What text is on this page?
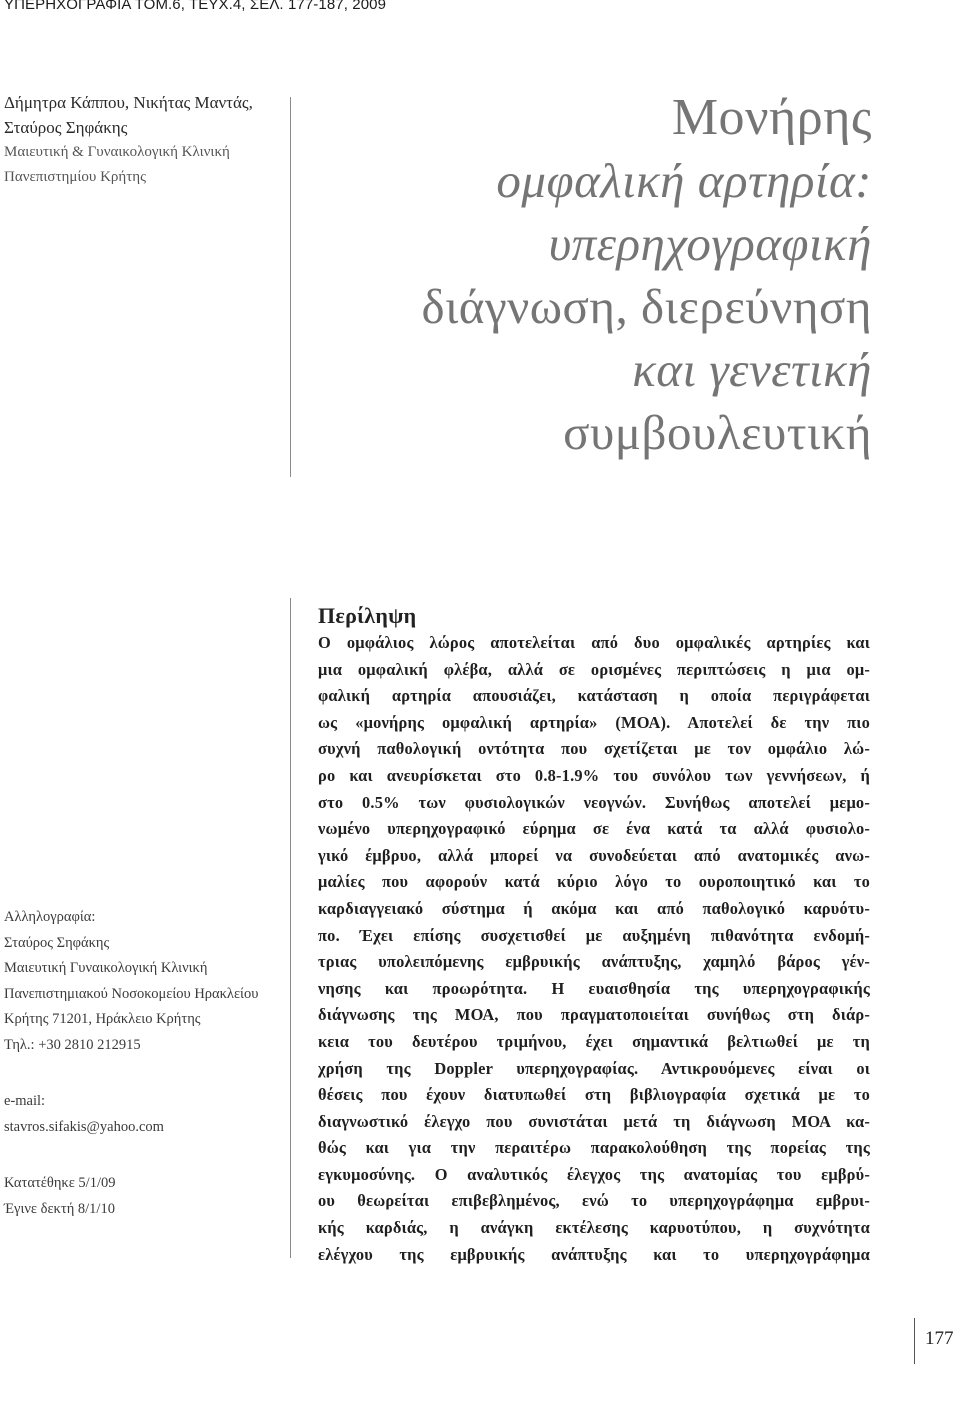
ΥΠΕΡΗΧΟΓΡΑΦΙΑ ΤΟΜ.6, ΤΕΥΧ.4, ΣΕΛ. 177-187, 2009
Δήμητρα Κάππου, Νικήτας Μαντάς,
Σταύρος Σηφάκης
Μαιευτική & Γυναικολογική Κλινική
Πανεπιστημίου Κρήτης
Μονήρης
ομφαλική αρτηρία:
υπερηχογραφική
διάγνωση, διερεύνηση
και γενετική
συμβουλευτική
Αλληλογραφία:
Σταύρος Σηφάκης
Μαιευτική Γυναικολογική Κλινική
Πανεπιστημιακού Νοσοκομείου Ηρακλείου
Κρήτης 71201, Ηράκλειο Κρήτης
Τηλ.: +30 2810 212915
e-mail:
stavros.sifakis@yahoo.com
Κατατέθηκε 5/1/09
Έγινε δεκτή 8/1/10
Περίληψη
Ο ομφάλιος λώρος αποτελείται από δυο ομφαλικές αρτηρίες και
μια ομφαλική φλέβα, αλλά σε ορισμένες περιπτώσεις η μια ομ-
φαλική αρτηρία απουσιάζει, κατάσταση η οποία περιγράφεται
ως «μονήρης ομφαλική αρτηρία» (ΜΟΑ). Αποτελεί δε την πιο
συχνή παθολογική οντότητα που σχετίζεται με τον ομφάλιο λώ-
ρο και ανευρίσκεται στο 0.8-1.9% του συνόλου των γεννήσεων, ή
στο 0.5% των φυσιολογικών νεογνών. Συνήθως αποτελεί μεμο-
νωμένο υπερηχογραφικό εύρημα σε ένα κατά τα αλλά φυσιολο-
γικό έμβρυο, αλλά μπορεί να συνοδεύεται από ανατομικές ανω-
μαλίες που αφορούν κατά κύριο λόγο το ουροποιητικό και το
καρδιαγγειακό σύστημα ή ακόμα και από παθολογικό καρυότυ-
πο. Έχει επίσης συσχετισθεί με αυξημένη πιθανότητα ενδομή-
τριας υπολειπόμενης εμβρυικής ανάπτυξης, χαμηλό βάρος γέν-
νησης και προωρότητα. Η ευαισθησία της υπερηχογραφικής
διάγνωσης της ΜΟΑ, που πραγματοποιείται συνήθως στη διάρ-
κεια του δευτέρου τριμήνου, έχει σημαντικά βελτιωθεί με τη
χρήση της Doppler υπερηχογραφίας. Αντικρουόμενες είναι οι
θέσεις που έχουν διατυπωθεί στη βιβλιογραφία σχετικά με το
διαγνωστικό έλεγχο που συνιστάται μετά τη διάγνωση ΜΟΑ κα-
θώς και για την περαιτέρω παρακολούθηση της πορείας της
εγκυμοσύνης. Ο αναλυτικός έλεγχος της ανατομίας του εμβρύ-
ου θεωρείται επιβεβλημένος, ενώ το υπερηχογράφημα εμβρυι-
κής καρδιάς, η ανάγκη εκτέλεσης καρυοτύπου, η συχνότητα
ελέγχου της εμβρυικής ανάπτυξης και το υπερηχογράφημα
177
